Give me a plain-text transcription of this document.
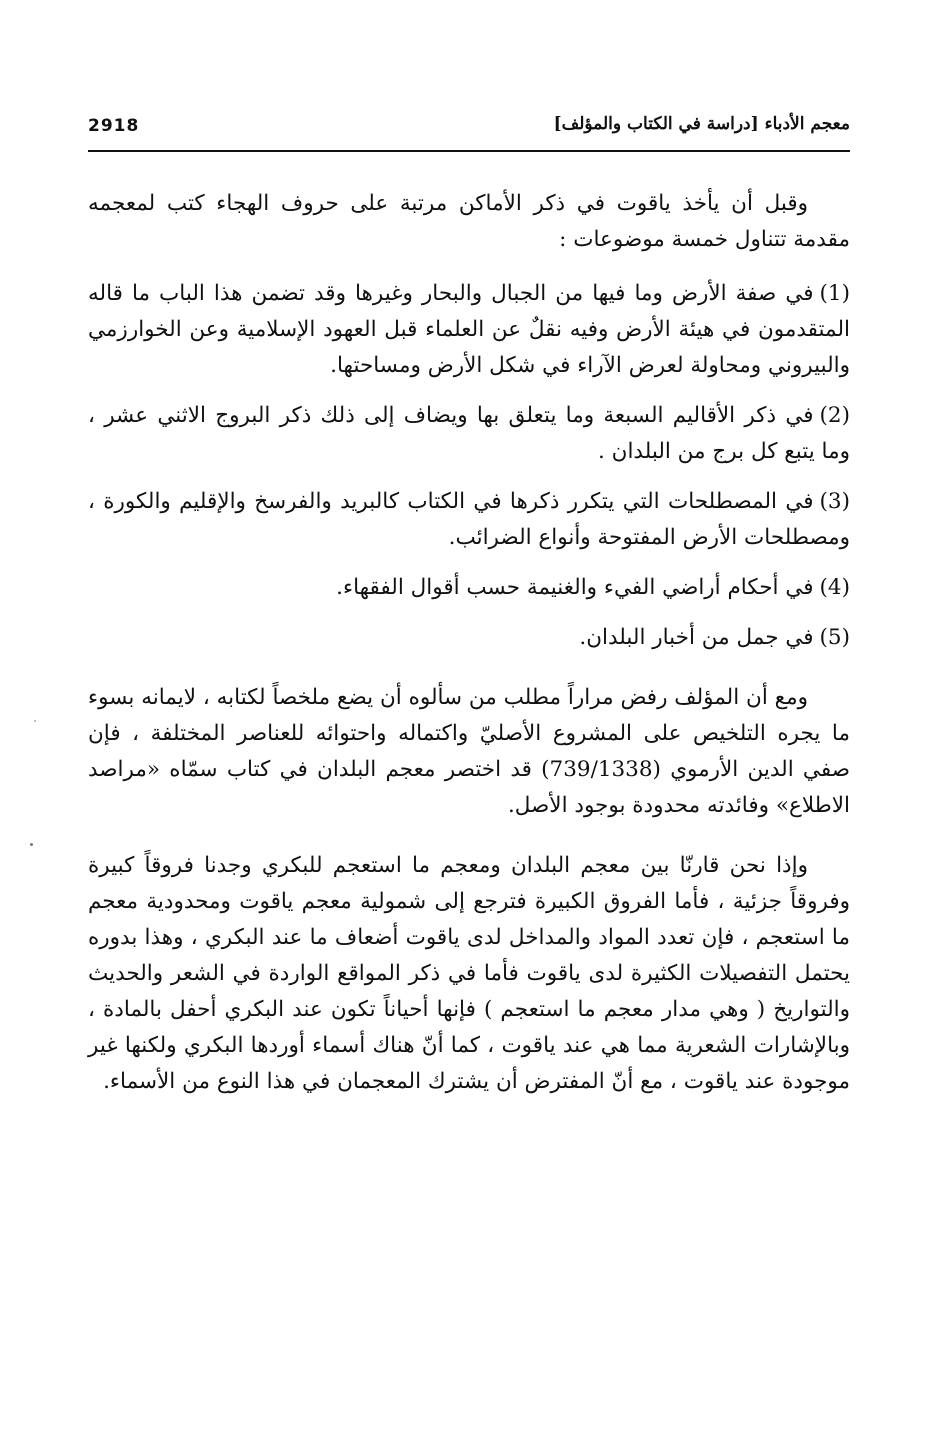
2918	معجم الأدباء [دراسة في الكتاب والمؤلف]

وقبل أن يأخذ ياقوت في ذكر الأماكن مرتبة على حروف الهجاء كتب لمعجمه مقدمة تتناول خمسة موضوعات :

(1)في صفة الأرض وما فيها من الجبال والبحار وغيرها وقد تضمن هذا الباب ما قاله المتقدمون في هيئة الأرض وفيه نقلٌ عن العلماء قبل العهود الإسلامية وعن الخوارزمي والبيروني ومحاولة لعرض الآراء في شكل الأرض ومساحتها.

(2)في ذكر الأقاليم السبعة وما يتعلق بها ويضاف إلى ذلك ذكر البروج الاثني عشر ، وما يتبع كل برج من البلدان .

(3)في المصطلحات التي يتكرر ذكرها في الكتاب كالبريد والفرسخ والإقليم والكورة ، ومصطلحات الأرض المفتوحة وأنواع الضرائب.

(4)في أحكام أراضي الفيء والغنيمة حسب أقوال الفقهاء.

(5)في جمل من أخبار البلدان.

ومع أن المؤلف رفض مراراً مطلب من سألوه أن يضع ملخصاً لكتابه ، لايمانه بسوء ما يجره التلخيص على المشروع الأصليّ واكتماله واحتوائه للعناصر المختلفة ، فإن صفي الدين الأرموي (739/1338) قد اختصر معجم البلدان في كتاب سمّاه «مراصد الاطلاع» وفائدته محدودة بوجود الأصل.

وإذا نحن قارنّا بين معجم البلدان ومعجم ما استعجم للبكري وجدنا فروقاً كبيرة وفروقاً جزئية ، فأما الفروق الكبيرة فترجع إلى شمولية معجم ياقوت ومحدودية معجم ما استعجم ، فإن تعدد المواد والمداخل لدى ياقوت أضعاف ما عند البكري ، وهذا بدوره يحتمل التفصيلات الكثيرة لدى ياقوت فأما في ذكر المواقع الواردة في الشعر والحديث والتواريخ ( وهي مدار معجم ما استعجم ) فإنها أحياناً تكون عند البكري أحفل بالمادة ، وبالإشارات الشعرية مما هي عند ياقوت ، كما أنّ هناك أسماء أوردها البكري ولكنها غير موجودة عند ياقوت ، مع أنّ المفترض أن يشترك المعجمان في هذا النوع من الأسماء.
